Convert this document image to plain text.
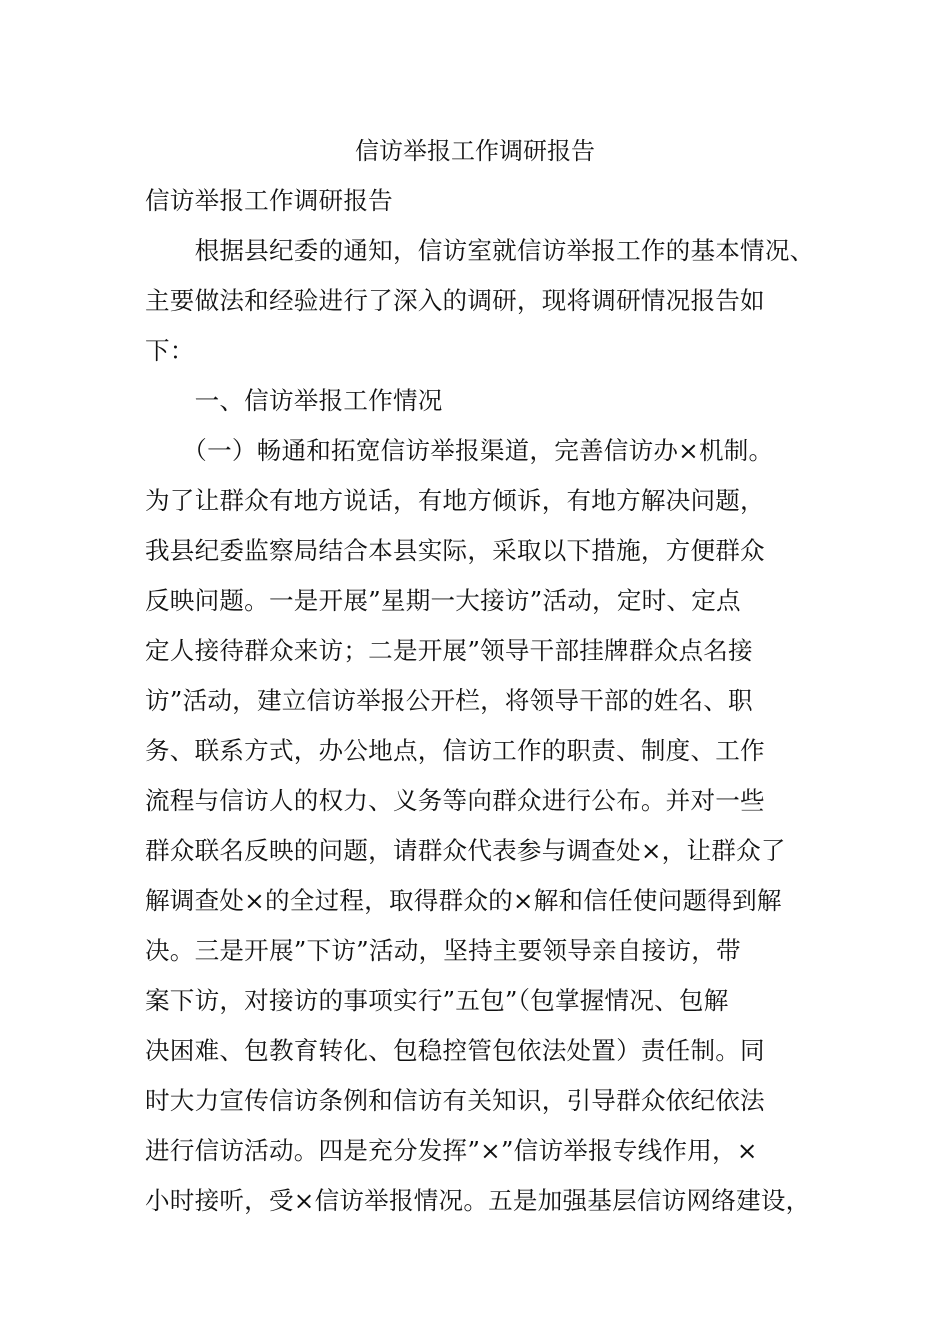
信访举报工作调研报告
信访举报工作调研报告
　　根据县纪委的通知，信访室就信访举报工作的基本情况、
主要做法和经验进行了深入的调研，现将调研情况报告如
下：
　　一、信访举报工作情况
　　（一）畅通和拓宽信访举报渠道，完善信访办×机制。
为了让群众有地方说话，有地方倾诉，有地方解决问题，
我县纪委监察局结合本县实际，采取以下措施，方便群众
反映问题。一是开展”星期一大接访”活动，定时、定点
定人接待群众来访；二是开展”领导干部挂牌群众点名接
访”活动，建立信访举报公开栏，将领导干部的姓名、职
务、联系方式，办公地点，信访工作的职责、制度、工作
流程与信访人的权力、义务等向群众进行公布。并对一些
群众联名反映的问题，请群众代表参与调查处×，让群众了
解调查处×的全过程，取得群众的×解和信任使问题得到解
决。三是开展”下访”活动，坚持主要领导亲自接访，带
案下访，对接访的事项实行”五包”（包掌握情况、包解
决困难、包教育转化、包稳控管包依法处置）责任制。同
时大力宣传信访条例和信访有关知识，引导群众依纪依法
进行信访活动。四是充分发挥”×”信访举报专线作用，×
小时接听，受×信访举报情况。五是加强基层信访网络建设，
